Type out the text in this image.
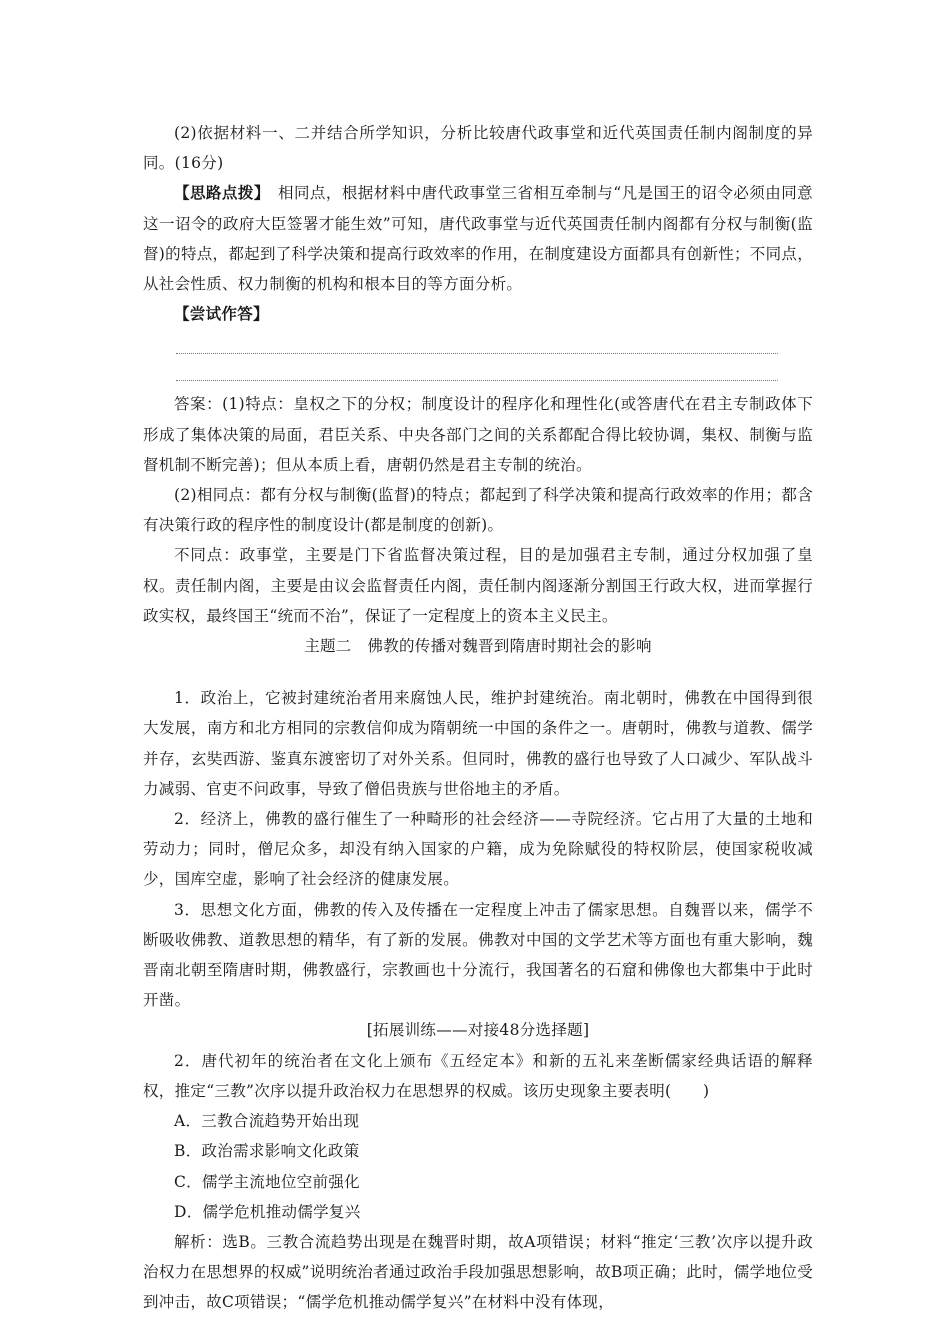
(2)依据材料一、二并结合所学知识，分析比较唐代政事堂和近代英国责任制内阁制度的异同。(16分)

【思路点拨】　相同点，根据材料中唐代政事堂三省相互牵制与“凡是国王的诏令必须由同意这一诏令的政府大臣签署才能生效”可知，唐代政事堂与近代英国责任制内阁都有分权与制衡(监督)的特点，都起到了科学决策和提高行政效率的作用，在制度建设方面都具有创新性；不同点，从社会性质、权力制衡的机构和根本目的等方面分析。

【尝试作答】

答案：(1)特点：皇权之下的分权；制度设计的程序化和理性化(或答唐代在君主专制政体下形成了集体决策的局面，君臣关系、中央各部门之间的关系都配合得比较协调，集权、制衡与监督机制不断完善)；但从本质上看，唐朝仍然是君主专制的统治。

(2)相同点：都有分权与制衡(监督)的特点；都起到了科学决策和提高行政效率的作用；都含有决策行政的程序性的制度设计(都是制度的创新)。

不同点：政事堂，主要是门下省监督决策过程，目的是加强君主专制，通过分权加强了皇权。责任制内阁，主要是由议会监督责任内阁，责任制内阁逐渐分割国王行政大权，进而掌握行政实权，最终国王“统而不治”，保证了一定程度上的资本主义民主。

主题二　佛教的传播对魏晋到隋唐时期社会的影响

1．政治上，它被封建统治者用来腐蚀人民，维护封建统治。南北朝时，佛教在中国得到很大发展，南方和北方相同的宗教信仰成为隋朝统一中国的条件之一。唐朝时，佛教与道教、儒学并存，玄奘西游、鉴真东渡密切了对外关系。但同时，佛教的盛行也导致了人口减少、军队战斗力减弱、官吏不问政事，导致了僧侣贵族与世俗地主的矛盾。

2．经济上，佛教的盛行催生了一种畸形的社会经济——寺院经济。它占用了大量的土地和劳动力；同时，僧尼众多，却没有纳入国家的户籍，成为免除赋役的特权阶层，使国家税收减少，国库空虚，影响了社会经济的健康发展。

3．思想文化方面，佛教的传入及传播在一定程度上冲击了儒家思想。自魏晋以来，儒学不断吸收佛教、道教思想的精华，有了新的发展。佛教对中国的文学艺术等方面也有重大影响，魏晋南北朝至隋唐时期，佛教盛行，宗教画也十分流行，我国著名的石窟和佛像也大都集中于此时开凿。

[拓展训练——对接48分选择题]

2．唐代初年的统治者在文化上颁布《五经定本》和新的五礼来垄断儒家经典话语的解释权，推定“三教”次序以提升政治权力在思想界的权威。该历史现象主要表明(　　)

A．三教合流趋势开始出现

B．政治需求影响文化政策

C．儒学主流地位空前强化

D．儒学危机推动儒学复兴

解析：选B。三教合流趋势出现是在魏晋时期，故A项错误；材料“推定‘三教’次序以提升政治权力在思想界的权威”说明统治者通过政治手段加强思想影响，故B项正确；此时，儒学地位受到冲击，故C项错误；“儒学危机推动儒学复兴”在材料中没有体现，
